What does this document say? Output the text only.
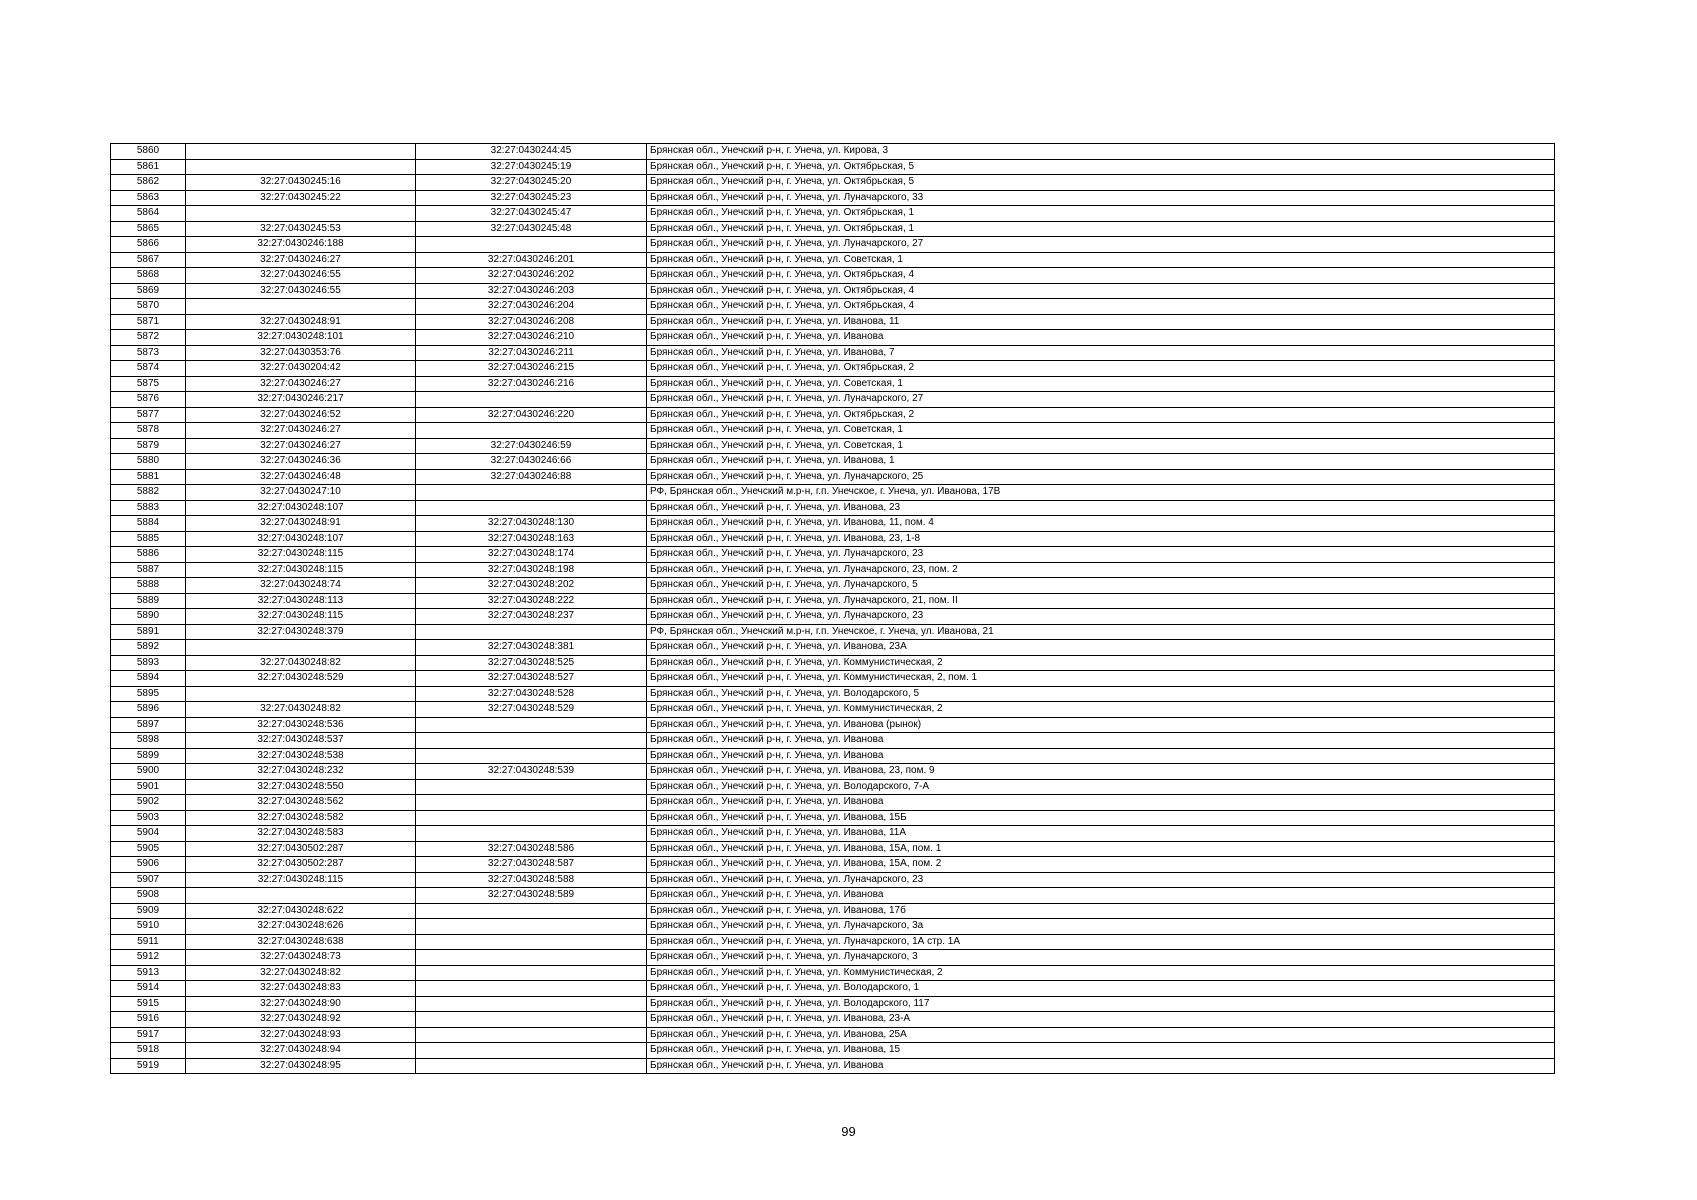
5860		32:27:0430244:45	Брянская обл., Унечский р-н, г. Унеча, ул. Кирова, 3
5861		32:27:0430245:19	Брянская обл., Унечский р-н, г. Унеча, ул. Октябрьская, 5
5862	32:27:0430245:16	32:27:0430245:20	Брянская обл., Унечский р-н, г. Унеча, ул. Октябрьская, 5
5863	32:27:0430245:22	32:27:0430245:23	Брянская обл., Унечский р-н, г. Унеча, ул. Луначарского, 33
5864		32:27:0430245:47	Брянская обл., Унечский р-н, г. Унеча, ул. Октябрьская, 1
5865	32:27:0430245:53	32:27:0430245:48	Брянская обл., Унечский р-н, г. Унеча, ул. Октябрьская, 1
5866	32:27:0430246:188		Брянская обл., Унечский р-н, г. Унеча, ул. Луначарского, 27
5867	32:27:0430246:27	32:27:0430246:201	Брянская обл., Унечский р-н, г. Унеча, ул. Советская, 1
5868	32:27:0430246:55	32:27:0430246:202	Брянская обл., Унечский р-н, г. Унеча, ул. Октябрьская, 4
5869	32:27:0430246:55	32:27:0430246:203	Брянская обл., Унечский р-н, г. Унеча, ул. Октябрьская, 4
5870		32:27:0430246:204	Брянская обл., Унечский р-н, г. Унеча, ул. Октябрьская, 4
5871	32:27:0430248:91	32:27:0430246:208	Брянская обл., Унечский р-н, г. Унеча, ул. Иванова, 11
5872	32:27:0430248:101	32:27:0430246:210	Брянская обл., Унечский р-н, г. Унеча, ул. Иванова
5873	32:27:0430353:76	32:27:0430246:211	Брянская обл., Унечский р-н, г. Унеча, ул. Иванова, 7
5874	32:27:0430204:42	32:27:0430246:215	Брянская обл., Унечский р-н, г. Унеча, ул. Октябрьская, 2
5875	32:27:0430246:27	32:27:0430246:216	Брянская обл., Унечский р-н, г. Унеча, ул. Советская, 1
5876	32:27:0430246:217		Брянская обл., Унечский р-н, г. Унеча, ул. Луначарского, 27
5877	32:27:0430246:52	32:27:0430246:220	Брянская обл., Унечский р-н, г. Унеча, ул. Октябрьская, 2
5878	32:27:0430246:27		Брянская обл., Унечский р-н, г. Унеча, ул. Советская, 1
5879	32:27:0430246:27	32:27:0430246:59	Брянская обл., Унечский р-н, г. Унеча, ул. Советская, 1
5880	32:27:0430246:36	32:27:0430246:66	Брянская обл., Унечский р-н, г. Унеча, ул. Иванова, 1
5881	32:27:0430246:48	32:27:0430246:88	Брянская обл., Унечский р-н, г. Унеча, ул. Луначарского, 25
5882	32:27:0430247:10		РФ, Брянская обл., Унечский м.р-н, г.п. Унечское, г. Унеча, ул. Иванова, 17В
5883	32:27:0430248:107		Брянская обл., Унечский р-н, г. Унеча, ул. Иванова, 23
5884	32:27:0430248:91	32:27:0430248:130	Брянская обл., Унечский р-н, г. Унеча, ул. Иванова, 11, пом. 4
5885	32:27:0430248:107	32:27:0430248:163	Брянская обл., Унечский р-н, г. Унеча, ул. Иванова, 23, 1-8
5886	32:27:0430248:115	32:27:0430248:174	Брянская обл., Унечский р-н, г. Унеча, ул. Луначарского, 23
5887	32:27:0430248:115	32:27:0430248:198	Брянская обл., Унечский р-н, г. Унеча, ул. Луначарского, 23, пом. 2
5888	32:27:0430248:74	32:27:0430248:202	Брянская обл., Унечский р-н, г. Унеча, ул. Луначарского, 5
5889	32:27:0430248:113	32:27:0430248:222	Брянская обл., Унечский р-н, г. Унеча, ул. Луначарского, 21, пом. II
5890	32:27:0430248:115	32:27:0430248:237	Брянская обл., Унечский р-н, г. Унеча, ул. Луначарского, 23
5891	32:27:0430248:379		РФ, Брянская обл., Унечский м.р-н, г.п. Унечское, г. Унеча, ул. Иванова, 21
5892		32:27:0430248:381	Брянская обл., Унечский р-н, г. Унеча, ул. Иванова, 23А
5893	32:27:0430248:82	32:27:0430248:525	Брянская обл., Унечский р-н, г. Унеча, ул. Коммунистическая, 2
5894	32:27:0430248:529	32:27:0430248:527	Брянская обл., Унечский р-н, г. Унеча, ул. Коммунистическая, 2, пом. 1
5895		32:27:0430248:528	Брянская обл., Унечский р-н, г. Унеча, ул. Володарского, 5
5896	32:27:0430248:82	32:27:0430248:529	Брянская обл., Унечский р-н, г. Унеча, ул. Коммунистическая, 2
5897	32:27:0430248:536		Брянская обл., Унечский р-н, г. Унеча, ул. Иванова (рынок)
5898	32:27:0430248:537		Брянская обл., Унечский р-н, г. Унеча, ул. Иванова
5899	32:27:0430248:538		Брянская обл., Унечский р-н, г. Унеча, ул. Иванова
5900	32:27:0430248:232	32:27:0430248:539	Брянская обл., Унечский р-н, г. Унеча, ул. Иванова, 23, пом. 9
5901	32:27:0430248:550		Брянская обл., Унечский р-н, г. Унеча, ул. Володарского, 7-А
5902	32:27:0430248:562		Брянская обл., Унечский р-н, г. Унеча, ул. Иванова
5903	32:27:0430248:582		Брянская обл., Унечский р-н, г. Унеча, ул. Иванова, 15Б
5904	32:27:0430248:583		Брянская обл., Унечский р-н, г. Унеча, ул. Иванова, 11А
5905	32:27:0430502:287	32:27:0430248:586	Брянская обл., Унечский р-н, г. Унеча, ул. Иванова, 15А, пом. 1
5906	32:27:0430502:287	32:27:0430248:587	Брянская обл., Унечский р-н, г. Унеча, ул. Иванова, 15А, пом. 2
5907	32:27:0430248:115	32:27:0430248:588	Брянская обл., Унечский р-н, г. Унеча, ул. Луначарского, 23
5908		32:27:0430248:589	Брянская обл., Унечский р-н, г. Унеча, ул. Иванова
5909	32:27:0430248:622		Брянская обл., Унечский р-н, г. Унеча, ул. Иванова, 17б
5910	32:27:0430248:626		Брянская обл., Унечский р-н, г. Унеча, ул. Луначарского, 3а
5911	32:27:0430248:638		Брянская обл., Унечский р-н, г. Унеча, ул. Луначарского, 1А стр. 1А
5912	32:27:0430248:73		Брянская обл., Унечский р-н, г. Унеча, ул. Луначарского, 3
5913	32:27:0430248:82		Брянская обл., Унечский р-н, г. Унеча, ул. Коммунистическая, 2
5914	32:27:0430248:83		Брянская обл., Унечский р-н, г. Унеча, ул. Володарского, 1
5915	32:27:0430248:90		Брянская обл., Унечский р-н, г. Унеча, ул. Володарского, 117
5916	32:27:0430248:92		Брянская обл., Унечский р-н, г. Унеча, ул. Иванова, 23-А
5917	32:27:0430248:93		Брянская обл., Унечский р-н, г. Унеча, ул. Иванова, 25А
5918	32:27:0430248:94		Брянская обл., Унечский р-н, г. Унеча, ул. Иванова, 15
5919	32:27:0430248:95		Брянская обл., Унечский р-н, г. Унеча, ул. Иванова
99
